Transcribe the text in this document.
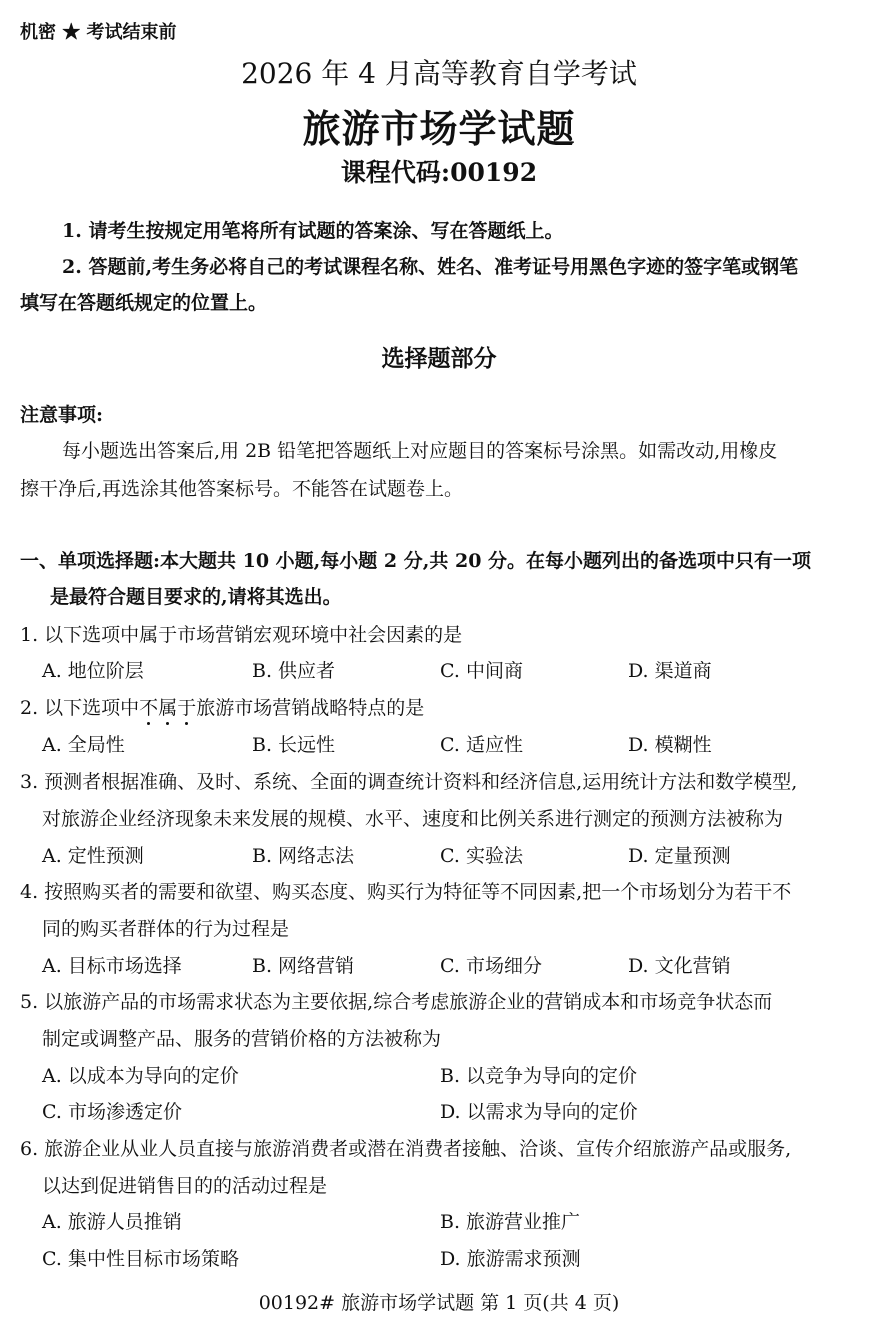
机密 ★ 考试结束前
2026 年 4 月高等教育自学考试
旅游市场学试题
课程代码:00192
1. 请考生按规定用笔将所有试题的答案涂、写在答题纸上。
2. 答题前,考生务必将自己的考试课程名称、姓名、准考证号用黑色字迹的签字笔或钢笔
填写在答题纸规定的位置上。
选择题部分
注意事项:
每小题选出答案后,用 2B 铅笔把答题纸上对应题目的答案标号涂黑。如需改动,用橡皮
擦干净后,再选涂其他答案标号。不能答在试题卷上。
一、单项选择题:本大题共 10 小题,每小题 2 分,共 20 分。在每小题列出的备选项中只有一项
是最符合题目要求的,请将其选出。
1. 以下选项中属于市场营销宏观环境中社会因素的是
A. 地位阶层	B. 供应者	C. 中间商	D. 渠道商
2. 以下选项中不属于旅游市场营销战略特点的是
A. 全局性	B. 长远性	C. 适应性	D. 模糊性
3. 预测者根据准确、及时、系统、全面的调查统计资料和经济信息,运用统计方法和数学模型,
对旅游企业经济现象未来发展的规模、水平、速度和比例关系进行测定的预测方法被称为
A. 定性预测	B. 网络志法	C. 实验法	D. 定量预测
4. 按照购买者的需要和欲望、购买态度、购买行为特征等不同因素,把一个市场划分为若干不
同的购买者群体的行为过程是
A. 目标市场选择	B. 网络营销	C. 市场细分	D. 文化营销
5. 以旅游产品的市场需求状态为主要依据,综合考虑旅游企业的营销成本和市场竞争状态而
制定或调整产品、服务的营销价格的方法被称为
A. 以成本为导向的定价	B. 以竞争为导向的定价
C. 市场渗透定价	D. 以需求为导向的定价
6. 旅游企业从业人员直接与旅游消费者或潜在消费者接触、洽谈、宣传介绍旅游产品或服务,
以达到促进销售目的的活动过程是
A. 旅游人员推销	B. 旅游营业推广
C. 集中性目标市场策略	D. 旅游需求预测
00192# 旅游市场学试题 第 1 页(共 4 页)
